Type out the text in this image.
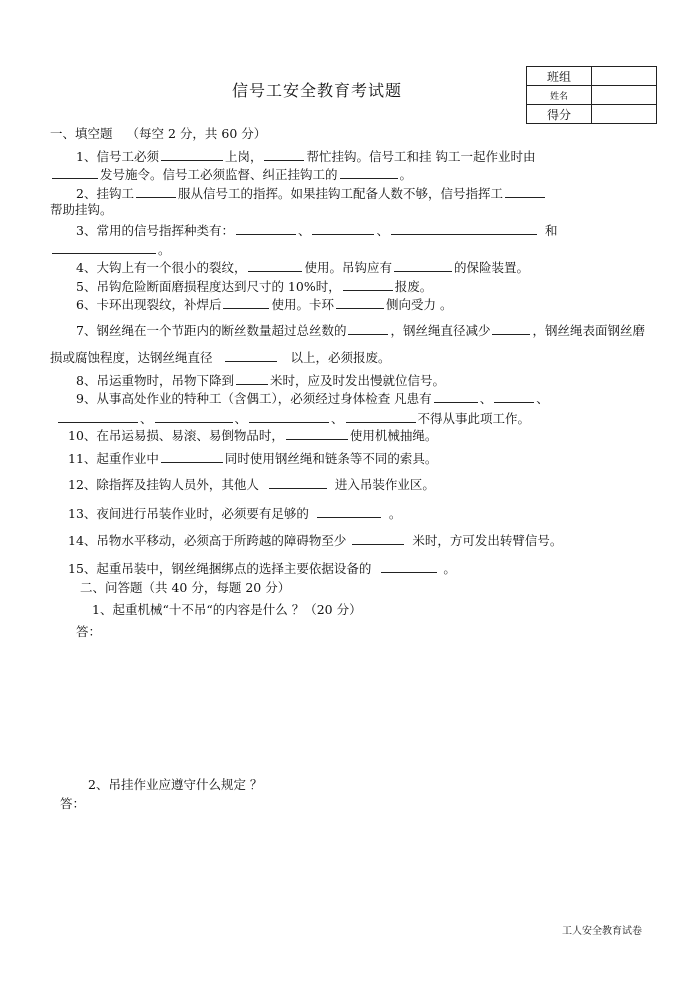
信号工安全教育考试题
班组	
姓名	
得分	
一、填空题 （每空 2 分，共 60 分）
1、信号工必须	上岗，	帮忙挂钩。信号工和挂 钩工一起作业时由
发号施令。信号工必须监督、纠正挂钩工的	。
2、挂钩工	服从信号工的指挥。如果挂钩工配备人数不够，信号指挥工
帮助挂钩。
3、常用的信号指挥种类有：	、	、	和
。
4、大钩上有一个很小的裂纹，	使用。吊钩应有	的保险装置。
5、吊钩危险断面磨损程度达到尺寸的 10%时，	报废。
6、卡环出现裂纹，补焊后	使用。卡环	侧向受力 。
7、钢丝绳在一个节距内的断丝数量超过总丝数的	，钢丝绳直径减少	，钢丝绳表面钢丝磨
损或腐蚀程度，达钢丝绳直径	以上，必须报废。
8、吊运重物时，吊物下降到	米时，应及时发出慢就位信号。
9、从事高处作业的特种工（含偶工），必须经过身体检查 凡患有	、	、
、	、	、	不得从事此项工作。
10、在吊运易损、易滚、易倒物品时，	使用机械抽绳。
11、起重作业中	同时使用钢丝绳和链条等不同的索具。
12、除指挥及挂钩人员外，其他人	进入吊装作业区。
13、夜间进行吊装作业时，必须要有足够的	。
14、吊物水平移动，必须高于所跨越的障碍物至少	米时，方可发出转臂信号。
15、起重吊装中，钢丝绳捆绑点的选择主要依据设备的	。
二、问答题（共 40 分，每题 20 分）
1、起重机械“十不吊“的内容是什么 ？（20 分）
答：
2、吊挂作业应遵守什么规定 ？
答：
工人安全教育试卷
